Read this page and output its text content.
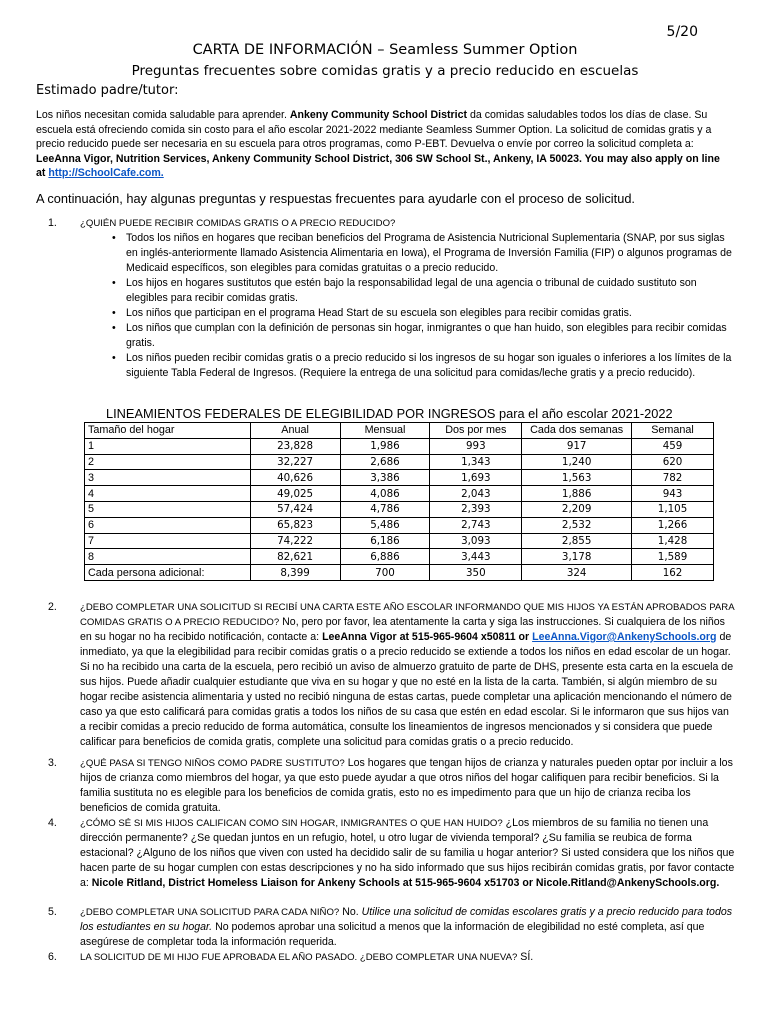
5/20
CARTA DE INFORMACIÓN – Seamless Summer Option
Preguntas frecuentes sobre comidas gratis y a precio reducido en escuelas
Estimado padre/tutor:
Los niños necesitan comida saludable para aprender. Ankeny Community School District da comidas saludables todos los días de clase. Su escuela está ofreciendo comida sin costo para el año escolar 2021-2022 mediante Seamless Summer Option. La solicitud de comidas gratis y a precio reducido puede ser necesaria en su escuela para otros programas, como P-EBT. Devuelva o envíe por correo la solicitud completa a: LeeAnna Vigor, Nutrition Services, Ankeny Community School District, 306 SW School St., Ankeny, IA 50023. You may also apply on line at http://SchoolCafe.com.
A continuación, hay algunas preguntas y respuestas frecuentes para ayudarle con el proceso de solicitud.
1.	¿QUIÉN PUEDE RECIBIR COMIDAS GRATIS O A PRECIO REDUCIDO?
• Todos los niños en hogares que reciban beneficios del Programa de Asistencia Nutricional Suplementaria (SNAP, por sus siglas en inglés-anteriormente llamado Asistencia Alimentaria en Iowa), el Programa de Inversión Familia (FIP) o algunos programas de Medicaid específicos, son elegibles para comidas gratuitas o a precio reducido.
• Los hijos en hogares sustitutos que estén bajo la responsabilidad legal de una agencia o tribunal de cuidado sustituto son elegibles para recibir comidas gratis.
• Los niños que participan en el programa Head Start de su escuela son elegibles para recibir comidas gratis.
• Los niños que cumplan con la definición de personas sin hogar, inmigrantes o que han huido, son elegibles para recibir comidas gratis.
• Los niños pueden recibir comidas gratis o a precio reducido si los ingresos de su hogar son iguales o inferiores a los límites de la siguiente Tabla Federal de Ingresos. (Requiere la entrega de una solicitud para comidas/leche gratis y a precio reducido).
LINEAMIENTOS FEDERALES DE ELEGIBILIDAD POR INGRESOS para el año escolar 2021-2022
Tamaño del hogar	Anual	Mensual	Dos por mes	Cada dos semanas	Semanal
1	23,828	1,986	993	917	459
2	32,227	2,686	1,343	1,240	620
3	40,626	3,386	1,693	1,563	782
4	49,025	4,086	2,043	1,886	943
5	57,424	4,786	2,393	2,209	1,105
6	65,823	5,486	2,743	2,532	1,266
7	74,222	6,186	3,093	2,855	1,428
8	82,621	6,886	3,443	3,178	1,589
Cada persona adicional:	8,399	700	350	324	162
2.	¿DEBO COMPLETAR UNA SOLICITUD SI RECIBÍ UNA CARTA ESTE AÑO ESCOLAR INFORMANDO QUE MIS HIJOS YA ESTÁN APROBADOS PARA COMIDAS GRATIS O A PRECIO REDUCIDO? No, pero por favor, lea atentamente la carta y siga las instrucciones. Si cualquiera de los niños en su hogar no ha recibido notificación, contacte a: LeeAnna Vigor at 515-965-9604 x50811 or LeeAnna.Vigor@AnkenySchools.org de inmediato, ya que la elegibilidad para recibir comidas gratis o a precio reducido se extiende a todos los niños en edad escolar de un hogar. Si no ha recibido una carta de la escuela, pero recibió un aviso de almuerzo gratuito de parte de DHS, presente esta carta en la escuela de sus hijos. Puede añadir cualquier estudiante que viva en su hogar y que no esté en la lista de la carta. También, si algún miembro de su hogar recibe asistencia alimentaria y usted no recibió ninguna de estas cartas, puede completar una aplicación mencionando el número de caso ya que esto calificará para comidas gratis a todos los niños de su casa que estén en edad escolar. Si le informaron que sus hijos van a recibir comidas a precio reducido de forma automática, consulte los lineamientos de ingresos mencionados y si considera que puede calificar para beneficios de comida gratis, complete una solicitud para comidas gratis o a precio reducido.
3.	¿QUÉ PASA SI TENGO NIÑOS COMO PADRE SUSTITUTO? Los hogares que tengan hijos de crianza y naturales pueden optar por incluir a los hijos de crianza como miembros del hogar, ya que esto puede ayudar a que otros niños del hogar califiquen para recibir beneficios. Si la familia sustituta no es elegible para los beneficios de comida gratis, esto no es impedimento para que un hijo de crianza reciba los beneficios de comida gratuita.
4.	¿CÓMO SÉ SI MIS HIJOS CALIFICAN COMO SIN HOGAR, INMIGRANTES O QUE HAN HUIDO? ¿Los miembros de su familia no tienen una dirección permanente? ¿Se quedan juntos en un refugio, hotel, u otro lugar de vivienda temporal? ¿Su familia se reubica de forma estacional? ¿Alguno de los niños que viven con usted ha decidido salir de su familia u hogar anterior? Si usted considera que los niños que hacen parte de su hogar cumplen con estas descripciones y no ha sido informado que sus hijos recibirán comidas gratis, por favor contacte a: Nicole Ritland, District Homeless Liaison for Ankeny Schools at 515-965-9604 x51703 or Nicole.Ritland@AnkenySchools.org.
5.	¿DEBO COMPLETAR UNA SOLICITUD PARA CADA NIÑO? No. Utilice una solicitud de comidas escolares gratis y a precio reducido para todos los estudiantes en su hogar. No podemos aprobar una solicitud a menos que la información de elegibilidad no esté completa, así que asegúrese de completar toda la información requerida.
6.	LA SOLICITUD DE MI HIJO FUE APROBADA EL AÑO PASADO. ¿DEBO COMPLETAR UNA NUEVA? SÍ.
